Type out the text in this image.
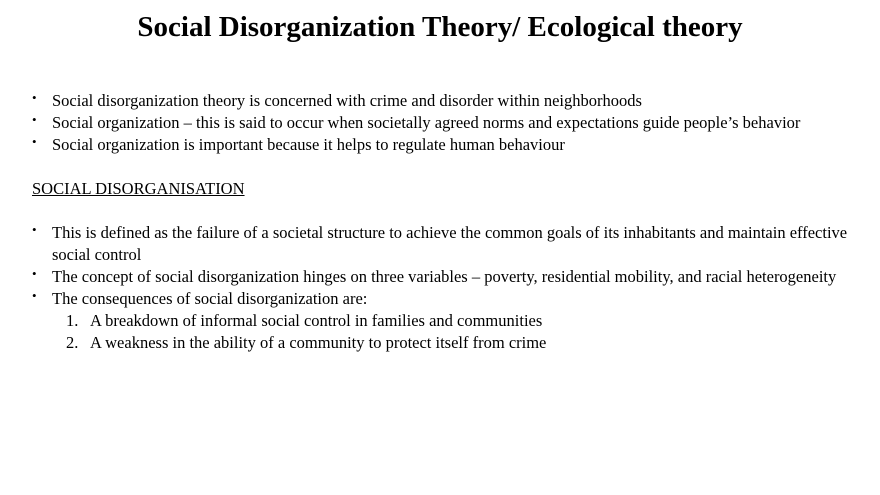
Social Disorganization Theory/ Ecological theory
• Social disorganization theory is concerned with crime and disorder within neighborhoods
• Social organization – this is said to occur when societally agreed norms and expectations guide people’s behavior
• Social organization is important because it helps to regulate human behaviour

SOCIAL DISORGANISATION

• This is defined as the failure of a societal structure to achieve the common goals of its inhabitants and maintain effective social control
• The concept of social disorganization hinges on three variables – poverty, residential mobility, and racial heterogeneity
• The consequences of social disorganization are:
1. A breakdown of informal social control in families and communities
2. A weakness in the ability of a community to protect itself from crime
